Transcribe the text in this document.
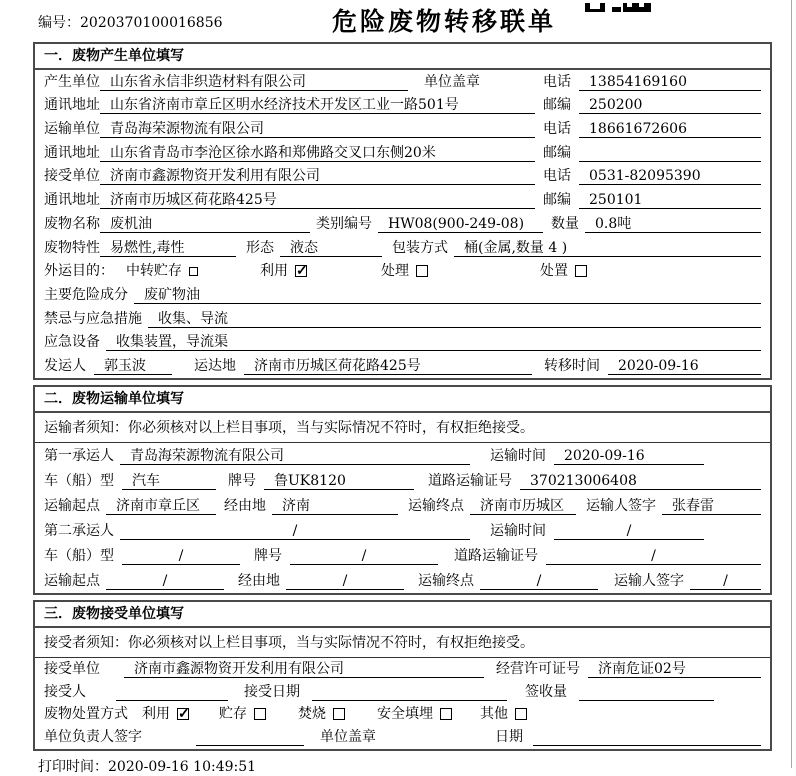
编号：2020370100016856	危险废物转移联单
一．废物产生单位填写
产生单位 山东省永信非织造材料有限公司	单位盖章	电话	13854169160
通讯地址 山东省济南市章丘区明水经济技术开发区工业一路501号	邮编	250200
运输单位 青岛海荣源物流有限公司	电话	18661672606
通讯地址 山东省青岛市李沧区徐水路和郑佛路交叉口东侧20米	邮编
接受单位 济南市鑫源物资开发利用有限公司	电话	0531-82095390
通讯地址 济南市历城区荷花路425号	邮编	250101
废物名称 废机油	类别编号	HW08(900-249-08)	数量	0.8吨
废物特性 易燃性,毒性	形态	液态	包装方式	桶(金属,数量 4 )
外运目的： 中转贮存	利用 ✓	处理	处置
主要危险成分	废矿物油
禁忌与应急措施	收集、导流
应急设备	收集装置，导流渠
发运人	郭玉波	运达地	济南市历城区荷花路425号	转移时间	2020-09-16
二．废物运输单位填写
运输者须知：你必须核对以上栏目事项，当与实际情况不符时，有权拒绝接受。
第一承运人	青岛海荣源物流有限公司	运输时间	2020-09-16
车（船）型	汽车	牌号	鲁UK8120	道路运输证号	370213006408
运输起点	济南市章丘区	经由地	济南	运输终点	济南市历城区	运输人签字	张春雷
第二承运人	/	运输时间	/
车（船）型	/	牌号	/	道路运输证号	/
运输起点	/	经由地	/	运输终点	/	运输人签字	/
三．废物接受单位填写
接受者须知：你必须核对以上栏目事项，当与实际情况不符时，有权拒绝接受。
接受单位	济南市鑫源物资开发利用有限公司	经营许可证号	济南危证02号
接受人	接受日期	签收量
废物处置方式 利用 ✓	贮存	焚烧	安全填埋	其他
单位负责人签字	单位盖章	日期
打印时间：2020-09-16 10:49:51
